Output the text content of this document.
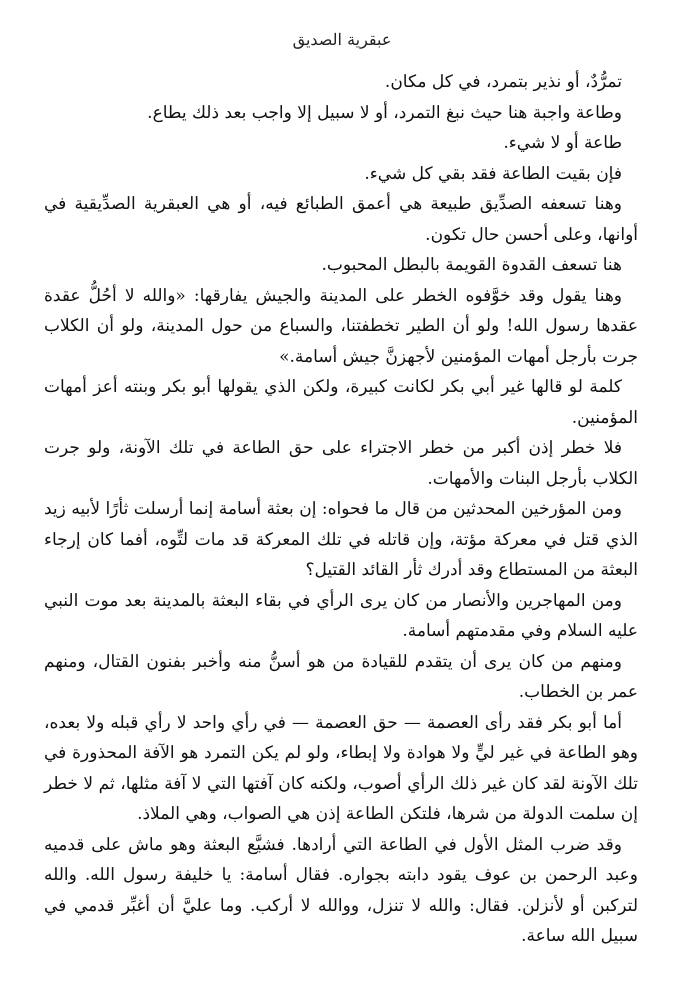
عبقرية الصديق

تمرُّدٌ، أو نذير بتمرد، في كل مكان.

وطاعة واجبة هنا حيث نبغ التمرد، أو لا سبيل إلا واجب بعد ذلك يطاع.

طاعة أو لا شيء.

فإن بقيت الطاعة فقد بقي كل شيء.

وهنا تسعفه الصدِّيق طبيعة هي أعمق الطبائع فيه، أو هي العبقرية الصدِّيقية في أوانها، وعلى أحسن حال تكون.

هنا تسعف القدوة القويمة بالبطل المحبوب.

وهنا يقول وقد خوَّفوه الخطر على المدينة والجيش يفارقها: «والله لا أحُلُّ عقدة عقدها رسول الله! ولو أن الطير تخطفتنا، والسباع من حول المدينة، ولو أن الكلاب جرت بأرجل أمهات المؤمنين لأجهزنَّ جيش أسامة.»

كلمة لو قالها غير أبي بكر لكانت كبيرة، ولكن الذي يقولها أبو بكر وبنته أعز أمهات المؤمنين.

فلا خطر إذن أكبر من خطر الاجتراء على حق الطاعة في تلك الآونة، ولو جرت الكلاب بأرجل البنات والأمهات.

ومن المؤرخين المحدثين من قال ما فحواه: إن بعثة أسامة إنما أرسلت ثأرًا لأبيه زيد الذي قتل في معركة مؤتة، وإن قاتله في تلك المعركة قد مات لتِّوه، أفما كان إرجاء البعثة من المستطاع وقد أدرك ثأر القائد القتيل؟

ومن المهاجرين والأنصار من كان يرى الرأي في بقاء البعثة بالمدينة بعد موت النبي عليه السلام وفي مقدمتهم أسامة.

ومنهم من كان يرى أن يتقدم للقيادة من هو أسنُّ منه وأخبر بفنون القتال، ومنهم عمر بن الخطاب.

أما أبو بكر فقد رأى العصمة — حق العصمة — في رأي واحد لا رأي قبله ولا بعده، وهو الطاعة في غير ليٍّ ولا هوادة ولا إبطاء، ولو لم يكن التمرد هو الآفة المحذورة في تلك الآونة لقد كان غير ذلك الرأي أصوب، ولكنه كان آفتها التي لا آفة مثلها، ثم لا خطر إن سلمت الدولة من شرها، فلتكن الطاعة إذن هي الصواب، وهي الملاذ.

وقد ضرب المثل الأول في الطاعة التي أرادها. فشيَّع البعثة وهو ماش على قدميه وعبد الرحمن بن عوف يقود دابته بجواره. فقال أسامة: يا خليفة رسول الله. والله لتركبن أو لأنزلن. فقال: والله لا تنزل، ووالله لا أركب. وما عليَّ أن أغبِّر قدمي في سبيل الله ساعة.
